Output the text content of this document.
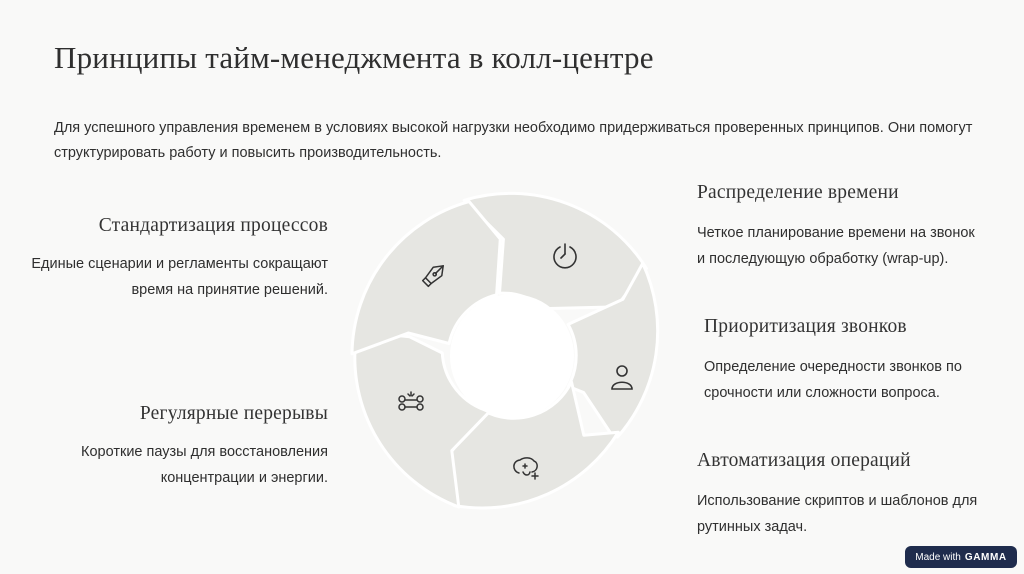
Принципы тайм-менеджмента в колл-центре
Для успешного управления временем в условиях высокой нагрузки необходимо придерживаться проверенных принципов. Они помогут структурировать работу и повысить производительность.
Стандартизация процессов

Единые сценарии и регламенты сокращают время на принятие решений.

Регулярные перерывы

Короткие паузы для восстановления концентрации и энергии.

Распределение времени

Четкое планирование времени на звонок и последующую обработку (wrap-up).

Приоритизация звонков

Определение очередности звонков по срочности или сложности вопроса.

Автоматизация операций

Использование скриптов и шаблонов для рутинных задач.

Made with GAMMA
